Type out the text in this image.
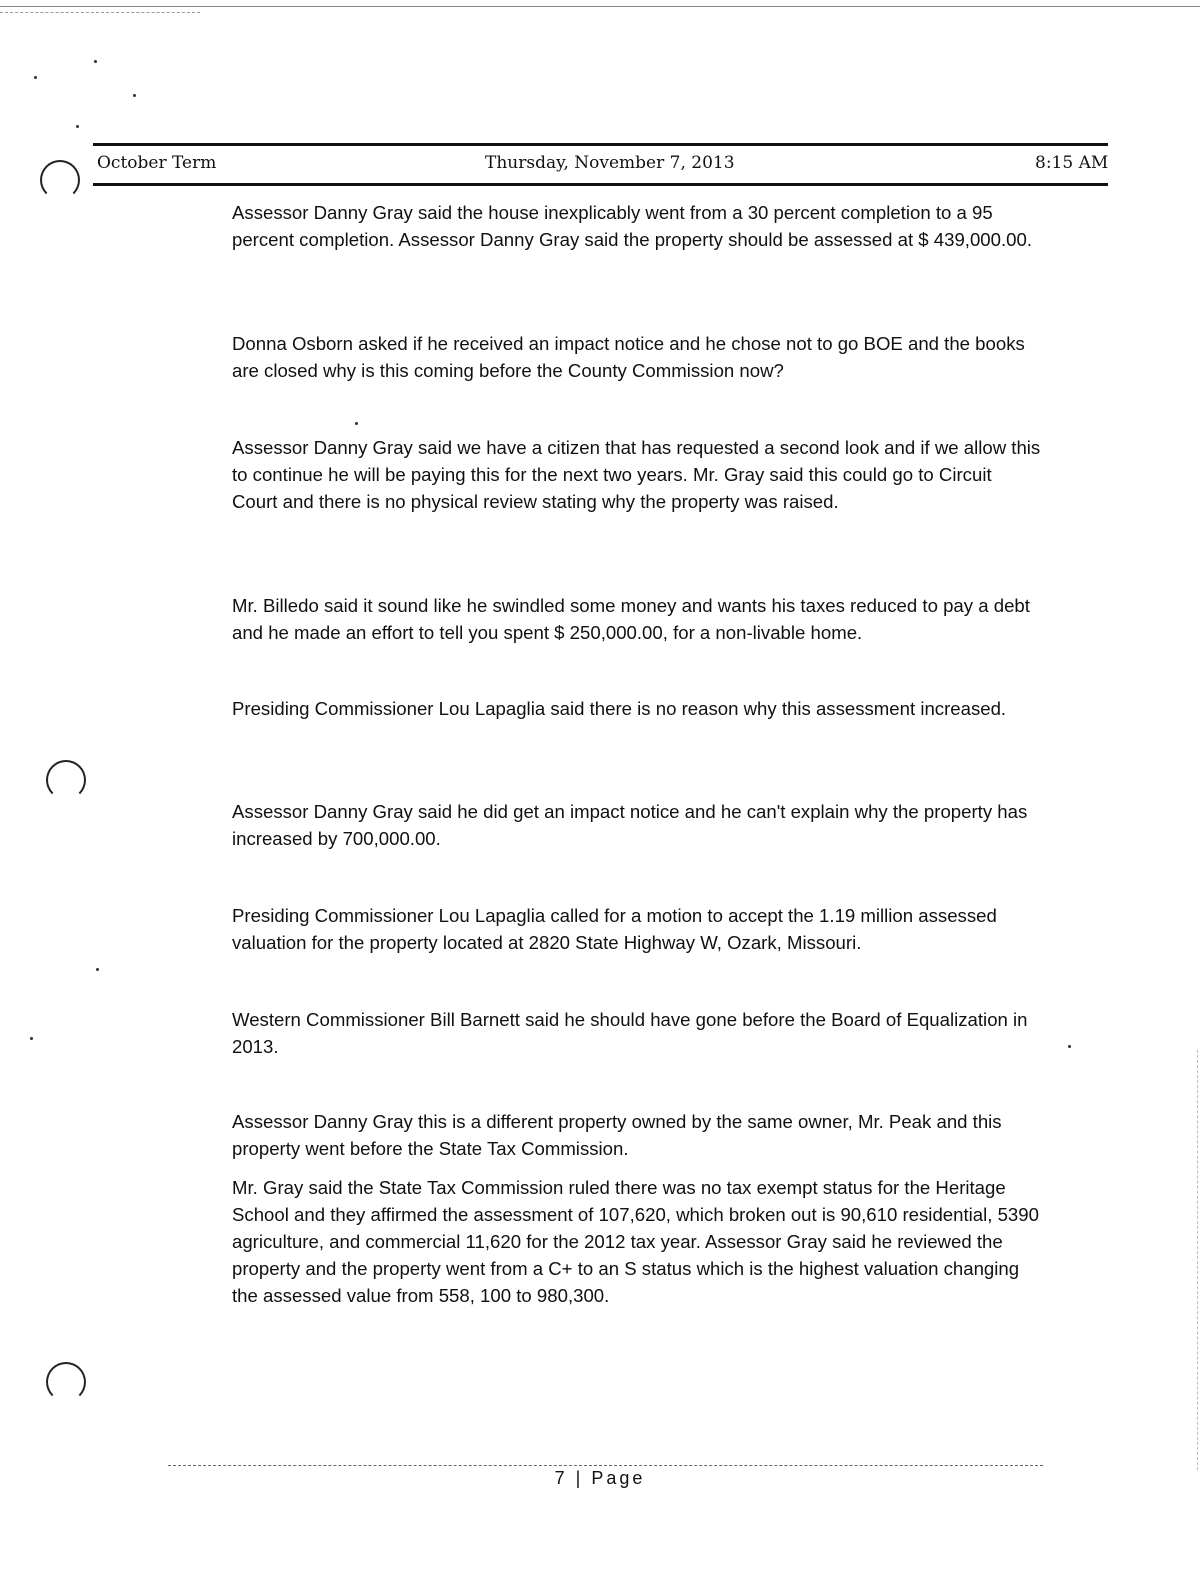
October Term	Thursday, November 7, 2013	8:15 AM

Assessor Danny Gray said the house inexplicably went from a 30 percent completion to a 95 percent completion. Assessor Danny Gray said the property should be assessed at $ 439,000.00.

Donna Osborn asked if he received an impact notice and he chose not to go BOE and the books are closed why is this coming before the County Commission now?

Assessor Danny Gray said we have a citizen that has requested a second look and if we allow this to continue he will be paying this for the next two years. Mr. Gray said this could go to Circuit Court and there is no physical review stating why the property was raised.

Mr. Billedo said it sound like he swindled some money and wants his taxes reduced to pay a debt and he made an effort to tell you spent $ 250,000.00, for a non-livable home.

Presiding Commissioner Lou Lapaglia said there is no reason why this assessment increased.

Assessor Danny Gray said he did get an impact notice and he can't explain why the property has increased by 700,000.00.

Presiding Commissioner Lou Lapaglia called for a motion to accept the 1.19 million assessed valuation for the property located at 2820 State Highway W, Ozark, Missouri.

Western Commissioner Bill Barnett said he should have gone before the Board of Equalization in 2013.

Assessor Danny Gray this is a different property owned by the same owner, Mr. Peak and this property went before the State Tax Commission.

Mr. Gray said the State Tax Commission ruled there was no tax exempt status for the Heritage School and they affirmed the assessment of 107,620, which broken out is 90,610 residential, 5390 agriculture, and commercial 11,620 for the 2012 tax year. Assessor Gray said he reviewed the property and the property went from a C+ to an S status which is the highest valuation changing the assessed value from 558, 100 to 980,300.

7 | Page
